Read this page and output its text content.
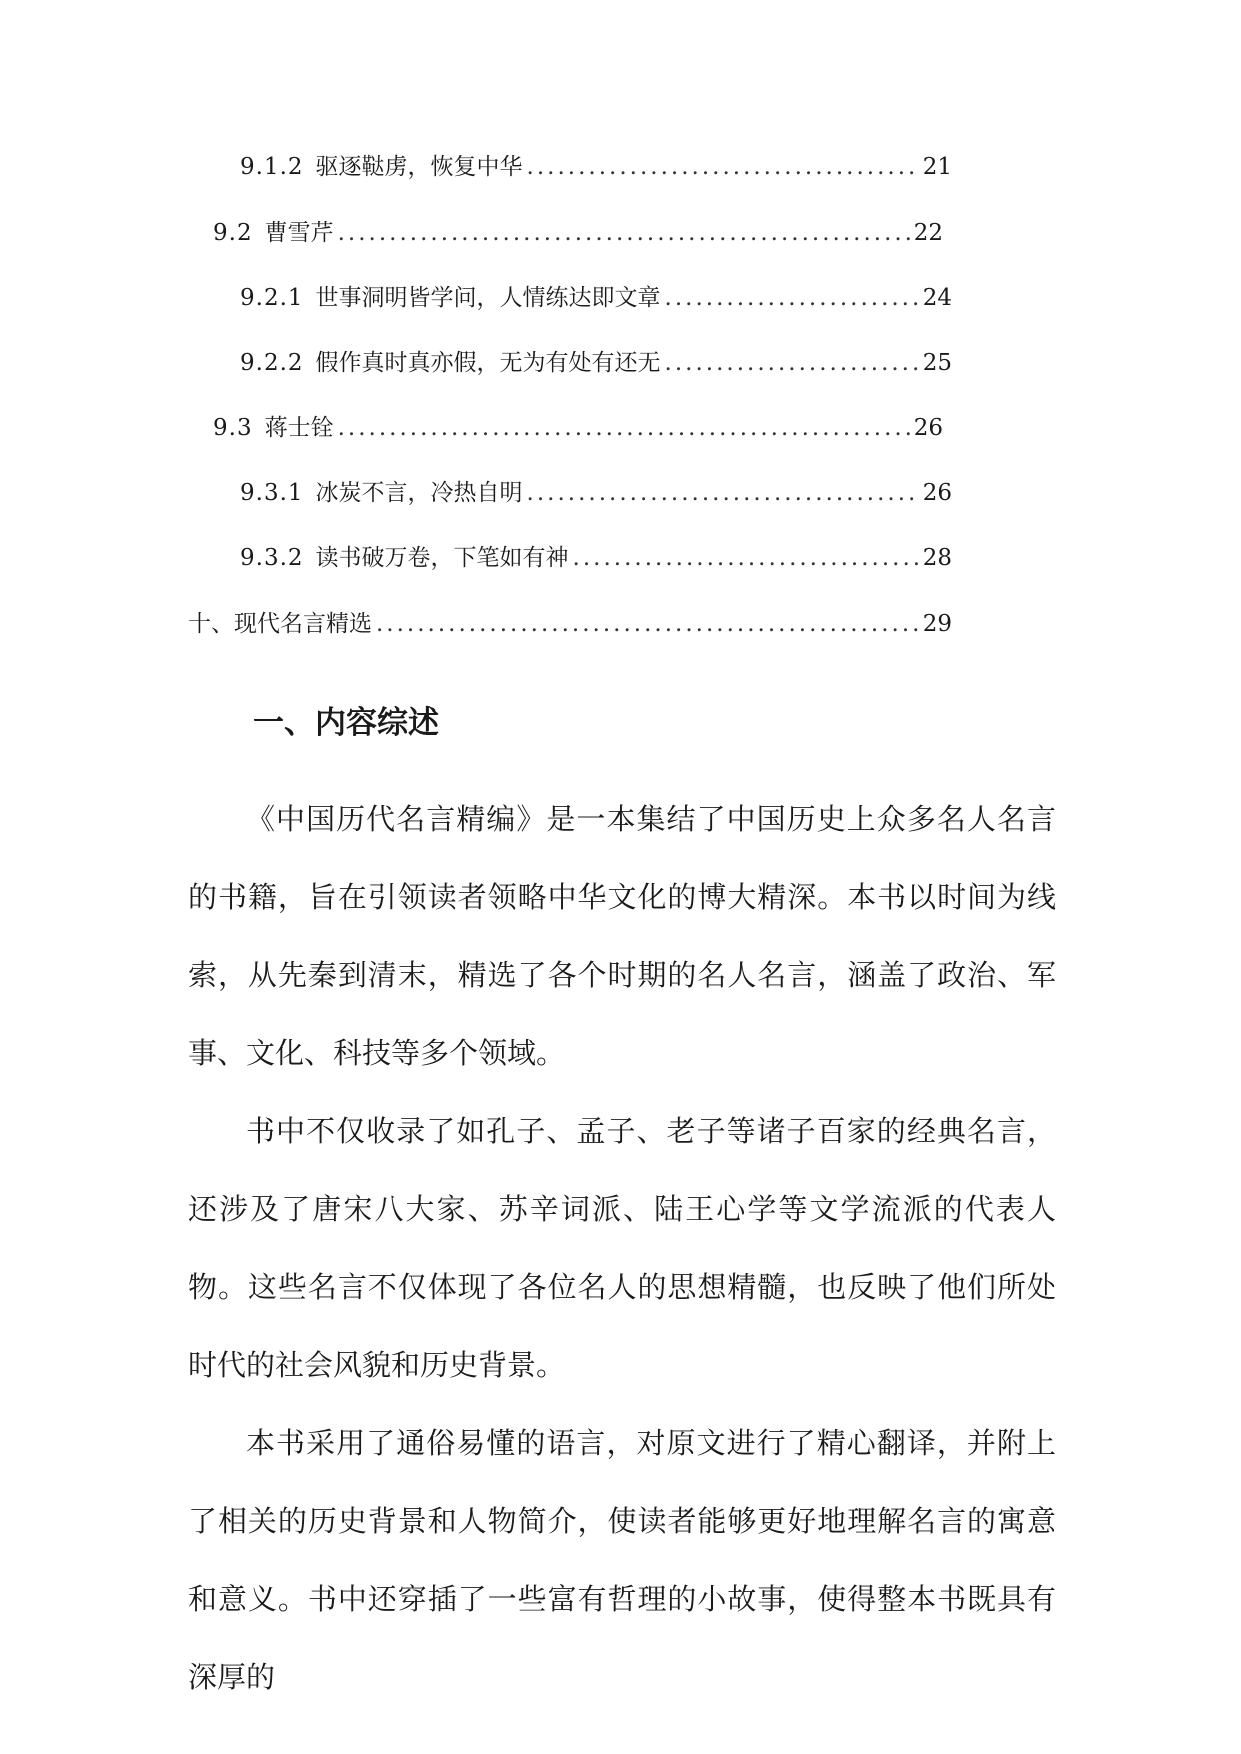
9.1.2 驱逐鞑虏，恢复中华 .....	21
9.2 曹雪芹 .....	22
9.2.1 世事洞明皆学问，人情练达即文章 .....	24
9.2.2 假作真时真亦假，无为有处有还无 .....	25
9.3 蒋士铨 .....	26
9.3.1 冰炭不言，冷热自明 .....	26
9.3.2 读书破万卷，下笔如有神 .....	28
十、现代名言精选 .....	29
一、内容综述

《中国历代名言精编》是一本集结了中国历史上众多名人名言的书籍，旨在引领读者领略中华文化的博大精深。本书以时间为线索，从先秦到清末，精选了各个时期的名人名言，涵盖了政治、军事、文化、科技等多个领域。

书中不仅收录了如孔子、孟子、老子等诸子百家的经典名言，还涉及了唐宋八大家、苏辛词派、陆王心学等文学流派的代表人物。这些名言不仅体现了各位名人的思想精髓，也反映了他们所处时代的社会风貌和历史背景。

本书采用了通俗易懂的语言，对原文进行了精心翻译，并附上了相关的历史背景和人物简介，使读者能够更好地理解名言的寓意和意义。书中还穿插了一些富有哲理的小故事，使得整本书既具有深厚的
